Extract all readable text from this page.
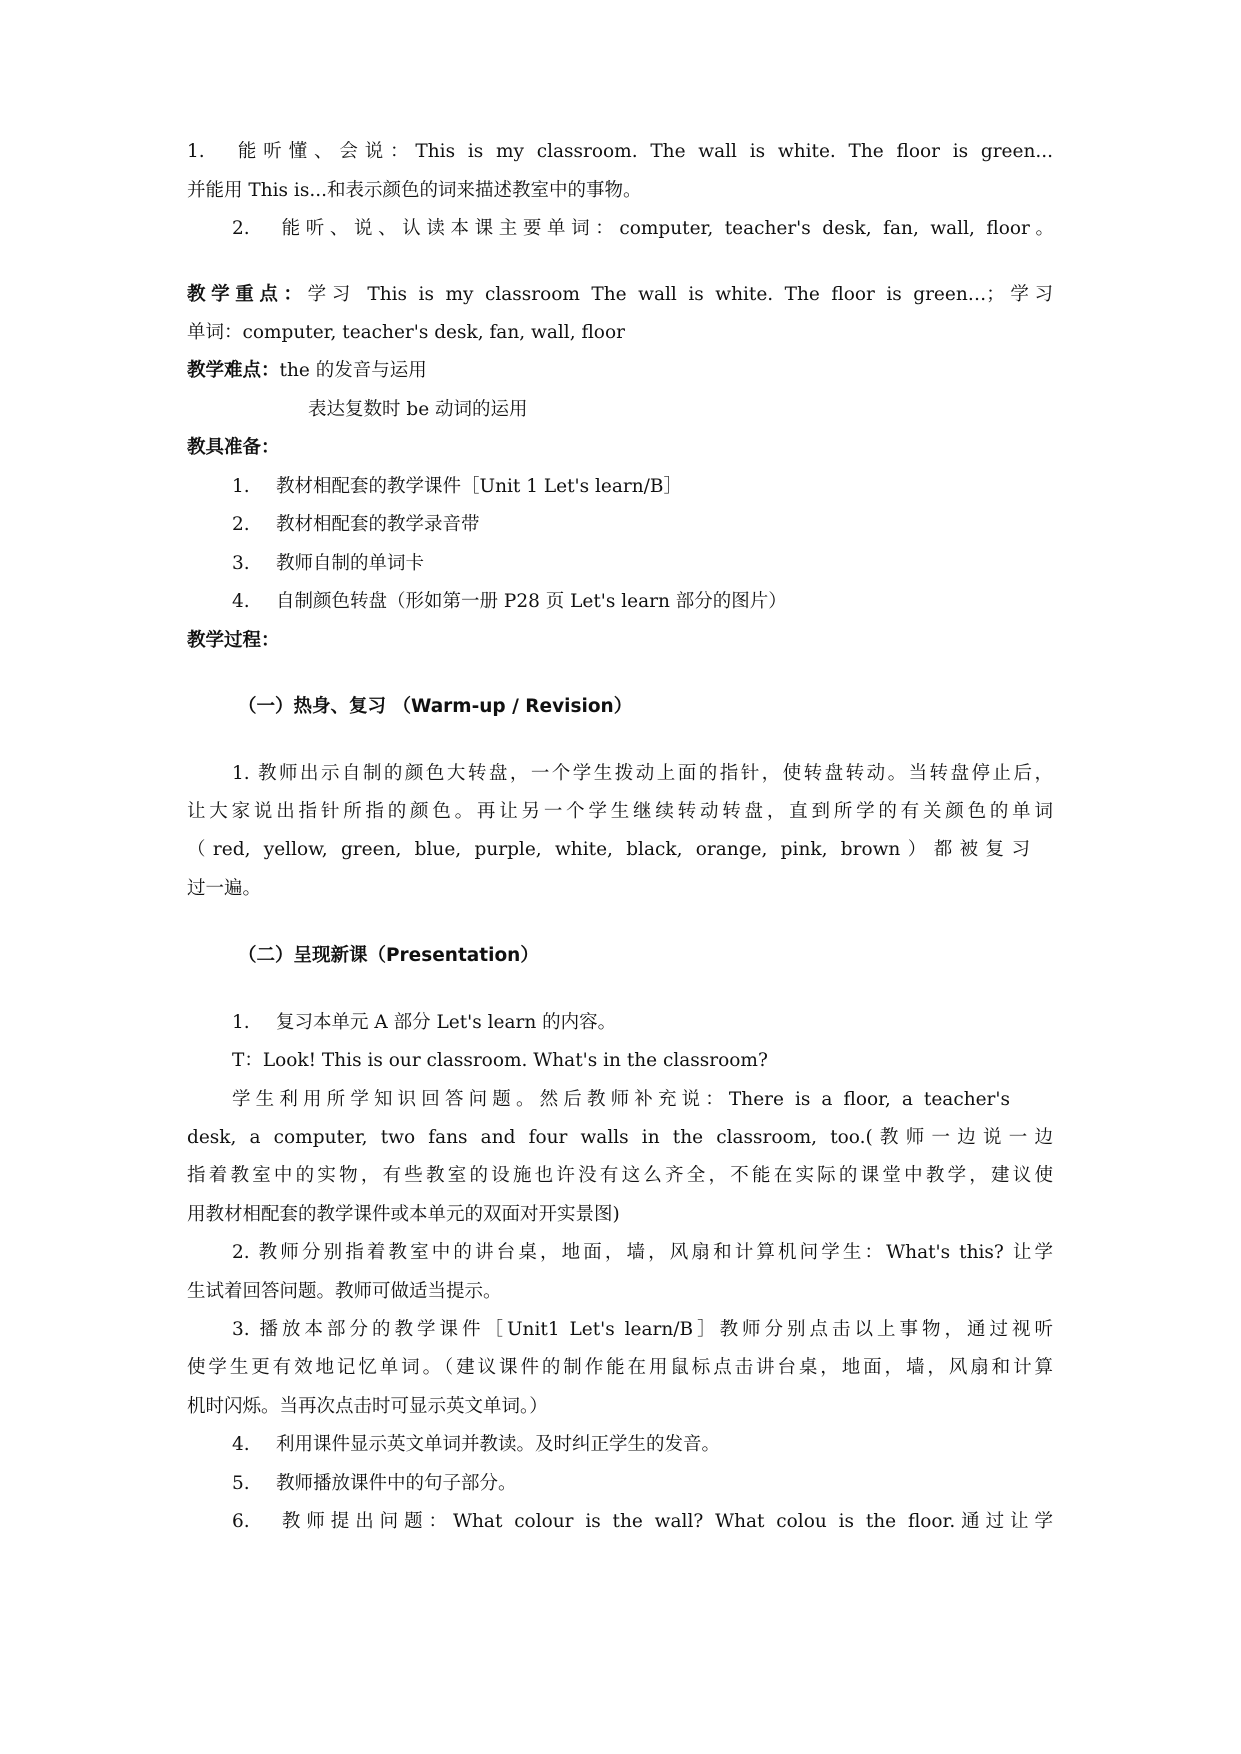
1. 能听懂、会说：This is my classroom. The wall is white. The floor is green...
并能用 This is...和表示颜色的词来描述教室中的事物。
2. 能听、说、认读本课主要单词：computer, teacher's desk, fan, wall, floor。
教学重点：学习 This is my classroom The wall is white. The floor is green…；学习
单词：computer, teacher's desk, fan, wall, floor
教学难点：the 的发音与运用
表达复数时 be 动词的运用
教具准备：
1. 教材相配套的教学课件［Unit 1 Let's learn/B］
2. 教材相配套的教学录音带
3. 教师自制的单词卡
4. 自制颜色转盘（形如第一册 P28 页 Let's learn 部分的图片）
教学过程：
（一）热身、复习 （Warm-up / Revision）
1. 教师出示自制的颜色大转盘，一个学生拨动上面的指针，使转盘转动。当转盘停止后，
让大家说出指针所指的颜色。再让另一个学生继续转动转盘，直到所学的有关颜色的单词
（red, yellow, green, blue, purple, white, black, orange, pink, brown）都被复习
过一遍。
（二）呈现新课（Presentation）
1. 复习本单元 A 部分 Let's learn 的内容。
T：Look! This is our classroom. What's in the classroom?
学生利用所学知识回答问题。然后教师补充说：There is a floor, a teacher's
desk, a computer, two fans and four walls in the classroom, too.(教师一边说一边
指着教室中的实物，有些教室的设施也许没有这么齐全，不能在实际的课堂中教学，建议使
用教材相配套的教学课件或本单元的双面对开实景图)
2. 教师分别指着教室中的讲台桌，地面，墙，风扇和计算机问学生：What's this? 让学
生试着回答问题。教师可做适当提示。
3. 播放本部分的教学课件［Unit1 Let's learn/B］教师分别点击以上事物，通过视听
使学生更有效地记忆单词。（建议课件的制作能在用鼠标点击讲台桌，地面，墙，风扇和计算
机时闪烁。当再次点击时可显示英文单词。）
4. 利用课件显示英文单词并教读。及时纠正学生的发音。
5. 教师播放课件中的句子部分。
6. 教师提出问题：What colour is the wall? What colou is the floor.通过让学
